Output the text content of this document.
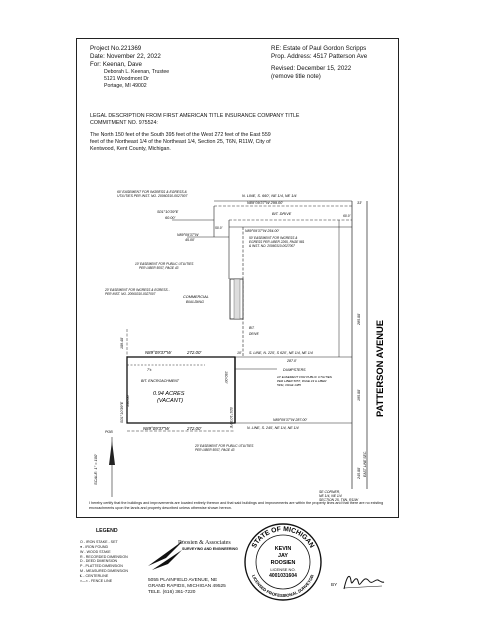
Project No.221369
Date: November 22, 2022
For: Keenan, Dave
Deborah L. Keenan, Trustee
5121 Woodmont Dr
Portage, MI 49002
RE: Estate of Paul Gordon Scripps
Prop. Address: 4517 Patterson Ave
Revised: December 15, 2022
(remove title note)
LEGAL DESCRIPTION FROM FIRST AMERICAN TITLE INSURANCE COMPANY TITLE
COMMITMENT NO. 975524:
The North 150 feet of the South 395 feet of the West 272 feet of the East 559
feet of the Northeast 1/4 of the Northeast 1/4, Section 25, T6N, R11W, City of
Kentwood, Kent County, Michigan.
60' EASEMENT FOR INGRESS & EGRESS &
UTILITIES PER INST. NO. 20060310-0027007	N. LINE, S. 660', NE 1/4, NE 1/4
N89°09'37"W 299.00'
BIT. DRIVE
S01°10'39"E
60.00'
33'
60.0'
50.0'
N89°09'37"W 254.00'
50' EASEMENT FOR INGRESS &
EGRESS PER LIBER 2265, PAGE 981
& INST. NO. 20060310-0027007
N89°09'37"W
45.00'
10' EASEMENT FOR PUBLIC UTILITIES
PER LIBER 5057, PAGE 43
20' EASEMENT FOR INGRESS & EGRESS -
PER INST. NO. 20060310-0027007
COMMERCIAL
BUILDING
BIT.
DRIVE
S. LINE, N. 225', S 620', NE 1/4, NE 1/4
287.0'
N89°09'37"W	272.00'	10'
DUMPSTERS
BIT. ENCROACHMENT
7'±
10' EASEMENT FOR PUBLIC UTILITIES
PER LIBER 5057, PAGE 43 & LIBER
5931, PAGE 1385
0.94 ACRES
(VACANT)
N89°09'37"W 287.00'
N. LINE, S. 245', NE 1/4, NE 1/4
N89°09'37"W	272.00'
20' EASEMENT FOR PUBLIC UTILITIES
PER LIBER 5057, PAGE 43
SE CORNER,
NE 1/4, NE 1/4
SECTION 25, T6N, R11W
POB
S01°10'39"E
150.00'
S01°10'39"E
150.00'
109.40'
285.00'
195.00'
245.00' EAST LINE SEC.
SCALE: 1" = 100'
PATTERSON AVENUE
I hereby certify that the buildings and improvements are located entirely thereon and that said buildings and improvements are within the property lines and that there are no existing encroachments upon the lands and property described unless otherwise shown hereon.
LEGEND
O - IRON STAKE - SET
● - IRON FOUND
W - WOOD STAKE
R - RECORDED DIMENSION
D - DEED DIMENSION
P - PLATTED DIMENSION
M - MEASURED DIMENSION
℄ - CENTERLINE
×—× - FENCE LINE
Roosien & Associates
SURVEYING AND ENGINEERING
5055 PLAINFIELD AVENUE, NE
GRAND RAPIDS, MICHIGAN 49525
TELE. (616) 361-7220
STATE OF MICHIGAN
LICENSED PROFESSIONAL SURVEYOR
KEVIN
JAY
ROOSIEN
LICENSE NO.
4001031604
BY
